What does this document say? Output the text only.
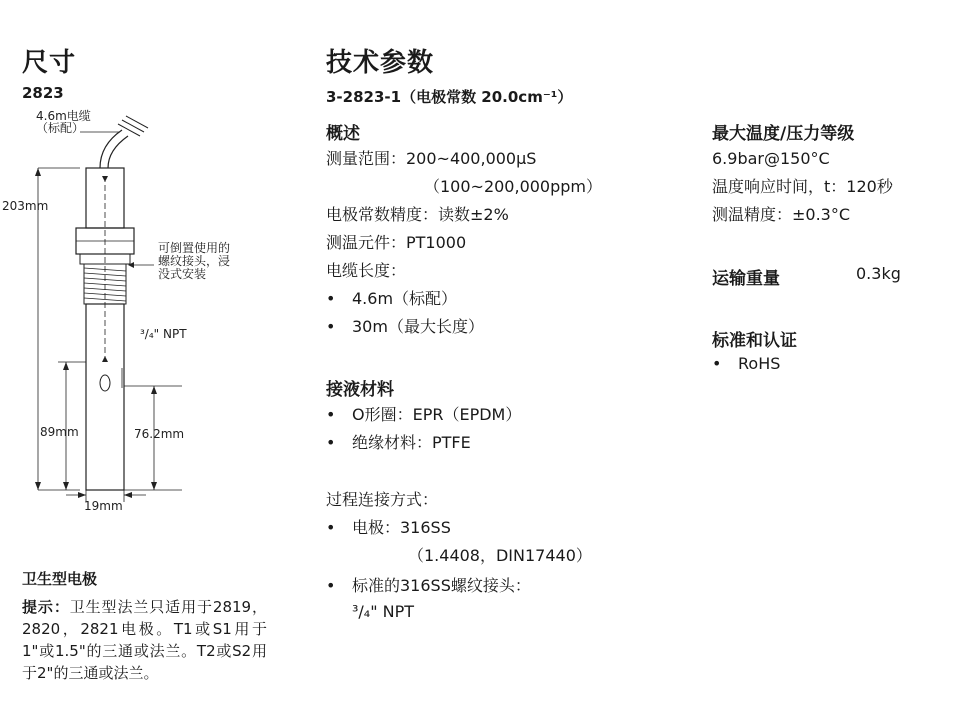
尺寸
2823
4.6m电缆
（标配）
203mm
89mm	76.2mm
19mm
可倒置使用的
螺纹接头，浸
没式安装
³/₄" NPT
卫生型电极
提示：卫生型法兰只适用于2819，2820，2821电极。T1或S1用于1"或1.5"的三通或法兰。T2或S2用于2"的三通或法兰。
技术参数
3-2823-1（电极常数 20.0cm⁻¹）
概述
测量范围：200~400,000μS
（100~200,000ppm）
电极常数精度：读数±2%
测温元件：PT1000
电缆长度：
• 4.6m（标配）
• 30m（最大长度）
接液材料
• O形圈：EPR（EPDM）
• 绝缘材料：PTFE
过程连接方式：
• 电极：316SS
（1.4408，DIN17440）
• 标准的316SS螺纹接头：
³/₄" NPT
最大温度/压力等级
6.9bar@150°C
温度响应时间，t：120秒
测温精度：±0.3°C
运输重量	0.3kg
标准和认证
• RoHS
